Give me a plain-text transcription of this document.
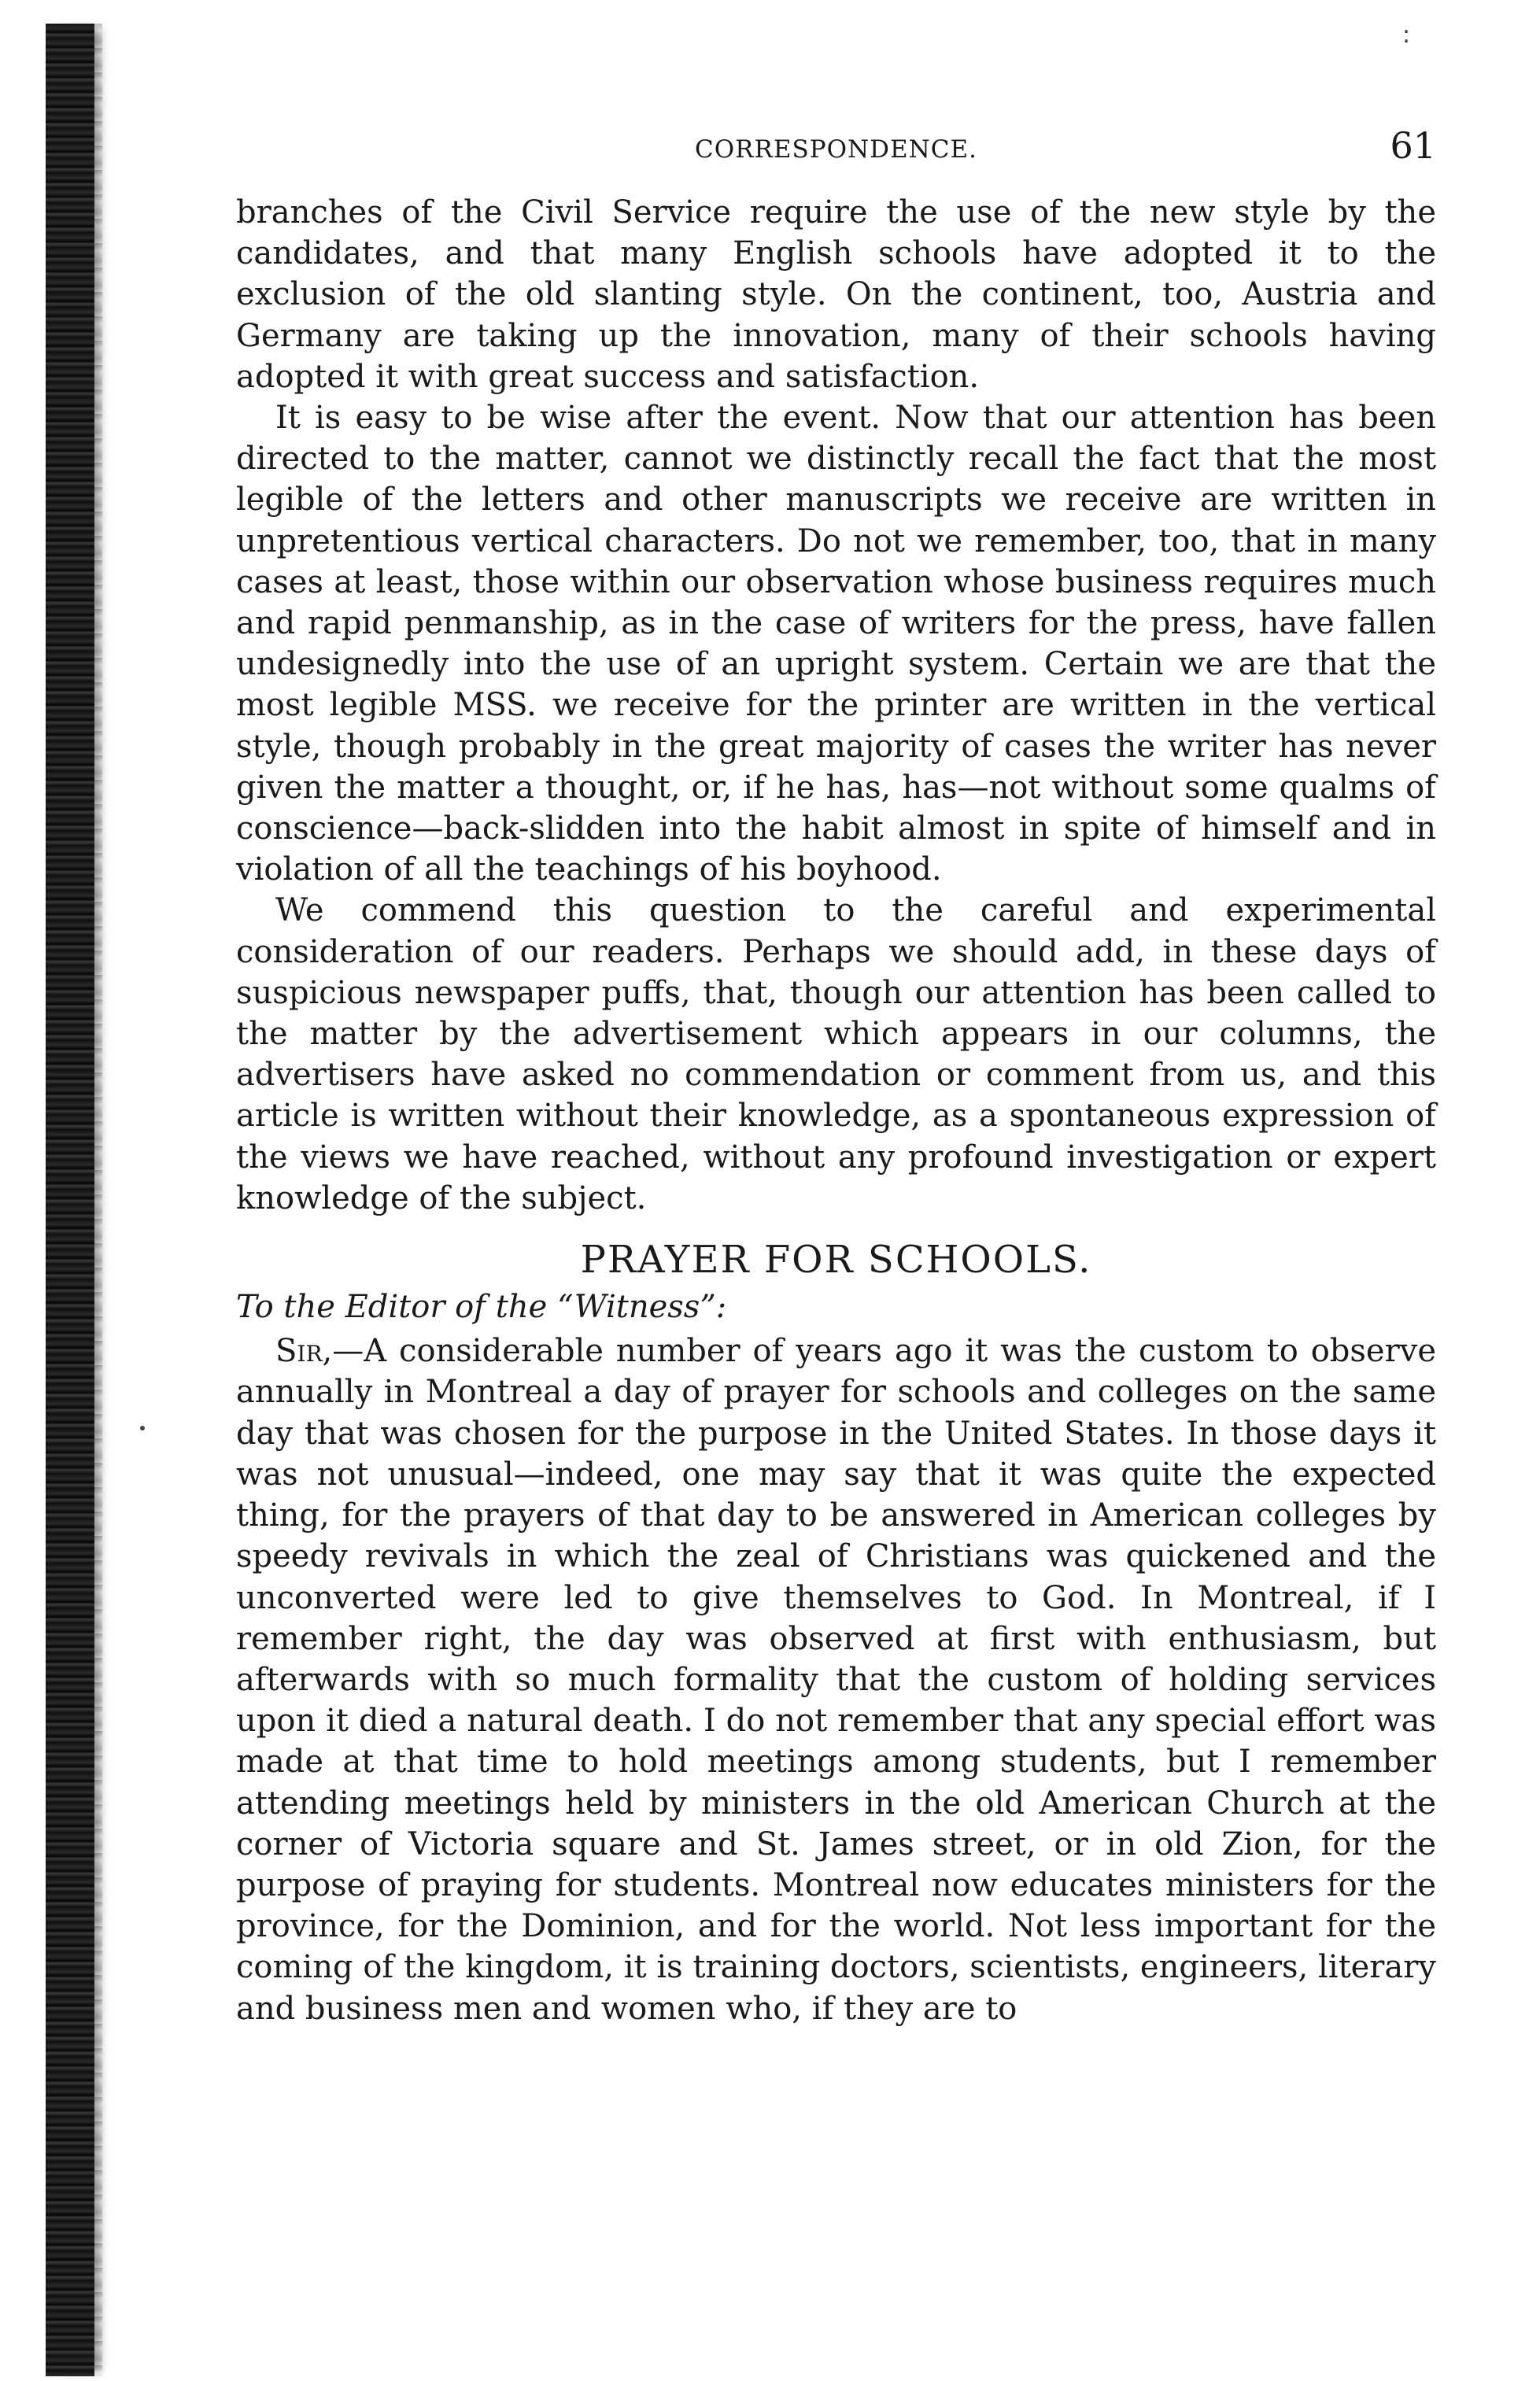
:
CORRESPONDENCE.	61

branches of the Civil Service require the use of the new style by the candidates, and that many English schools have adopted it to the exclusion of the old slanting style. On the continent, too, Austria and Germany are taking up the innovation, many of their schools having adopted it with great success and satisfaction.

It is easy to be wise after the event. Now that our attention has been directed to the matter, cannot we distinctly recall the fact that the most legible of the letters and other manuscripts we receive are written in unpretentious vertical characters. Do not we remember, too, that in many cases at least, those within our observation whose business requires much and rapid penmanship, as in the case of writers for the press, have fallen undesignedly into the use of an upright system. Certain we are that the most legible MSS. we receive for the printer are written in the vertical style, though probably in the great majority of cases the writer has never given the matter a thought, or, if he has, has—not without some qualms of conscience—back-slidden into the habit almost in spite of himself and in violation of all the teachings of his boyhood.

We commend this question to the careful and experimental consideration of our readers. Perhaps we should add, in these days of suspicious newspaper puffs, that, though our attention has been called to the matter by the advertisement which appears in our columns, the advertisers have asked no commendation or comment from us, and this article is written without their knowledge, as a spontaneous expression of the views we have reached, without any profound investigation or expert knowledge of the subject.

PRAYER FOR SCHOOLS.
To the Editor of the “Witness”:

Sir,—A considerable number of years ago it was the custom to observe annually in Montreal a day of prayer for schools and colleges on the same day that was chosen for the purpose in the United States. In those days it was not unusual—indeed, one may say that it was quite the expected thing, for the prayers of that day to be answered in American colleges by speedy revivals in which the zeal of Christians was quickened and the unconverted were led to give themselves to God. In Montreal, if I remember right, the day was observed at first with enthusiasm, but afterwards with so much formality that the custom of holding services upon it died a natural death. I do not remember that any special effort was made at that time to hold meetings among students, but I remember attending meetings held by ministers in the old American Church at the corner of Victoria square and St. James street, or in old Zion, for the purpose of praying for students. Montreal now educates ministers for the province, for the Dominion, and for the world. Not less important for the coming of the kingdom, it is training doctors, scientists, engineers, literary and business men and women who, if they are to
